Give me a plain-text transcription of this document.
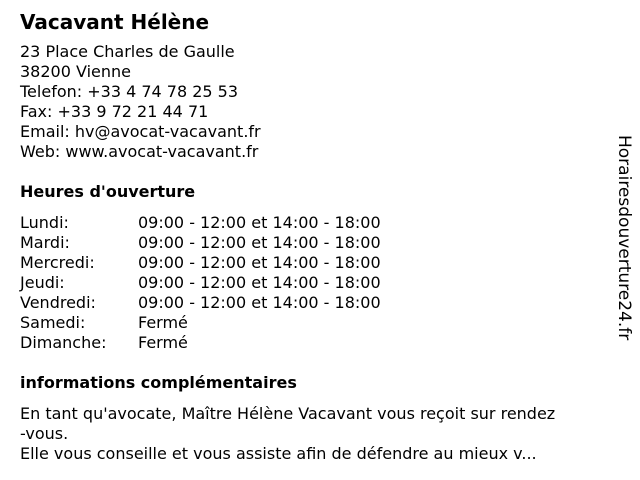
Vacavant Hélène
23 Place Charles de Gaulle
38200 Vienne
Telefon: +33 4 74 78 25 53
Fax: +33 9 72 21 44 71
Email: hv@avocat-vacavant.fr
Web: www.avocat-vacavant.fr
Heures d'ouverture
Lundi:	09:00 - 12:00 et 14:00 - 18:00
Mardi:	09:00 - 12:00 et 14:00 - 18:00
Mercredi:	09:00 - 12:00 et 14:00 - 18:00
Jeudi:	09:00 - 12:00 et 14:00 - 18:00
Vendredi:	09:00 - 12:00 et 14:00 - 18:00
Samedi:	Fermé
Dimanche:	Fermé
informations complémentaires
En tant qu'avocate, Maître Hélène Vacavant vous reçoit sur rendez
-vous.
Elle vous conseille et vous assiste afin de défendre au mieux v...
Horairesdouverture24.fr
